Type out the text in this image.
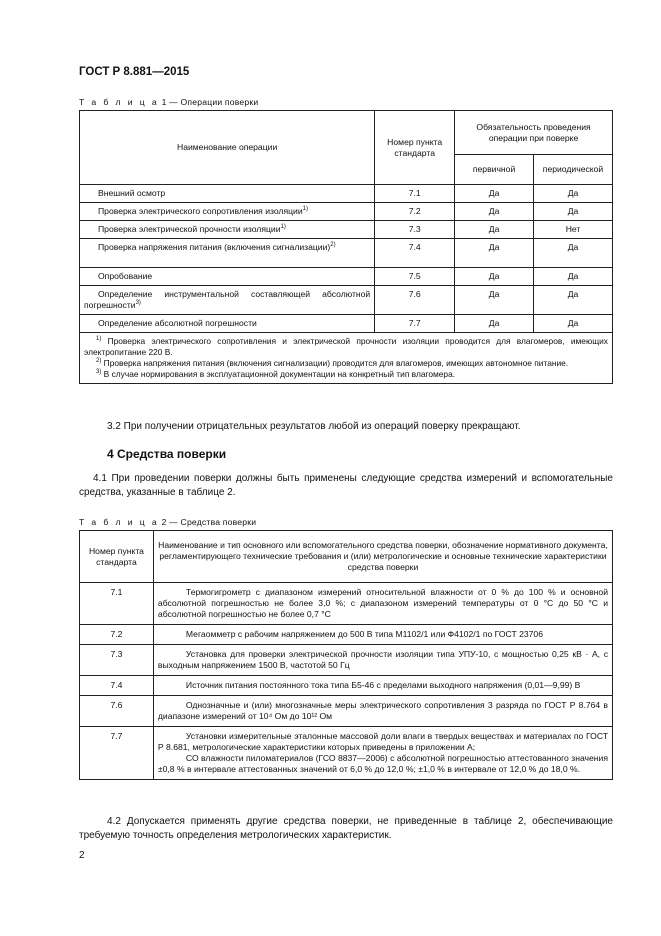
ГОСТ Р 8.881—2015
Т а б л и ц а 1 — Операции поверки
Наименование операции	Номер пункта стандарта	Обязательность проведения операции при поверке	
		первичной	периодической
Внешний осмотр	7.1	Да	Да
Проверка электрического сопротивления изоляции$^{1)}$	7.2	Да	Да
Проверка электрической прочности изоляции$^{1)}$	7.3	Да	Нет
Проверка напряжения питания (включения сигнализации)$^{2)}$	7.4	Да	Да
Опробование	7.5	Да	Да
Определение инструментальной составляющей абсолютной погрешности$^{3)}$	7.6	Да	Да
Определение абсолютной погрешности	7.7	Да	Да

$^{1)}$ Проверка электрического сопротивления и электрической прочности изоляции проводится для влагомеров, имеющих электропитание 220 В.
$^{2)}$ Проверка напряжения питания (включения сигнализации) проводится для влагомеров, имеющих автономное питание.
$^{3)}$ В случае нормирования в эксплуатационной документации на конкретный тип влагомера.			
3.2 При получении отрицательных результатов любой из операций поверку прекращают.
4 Средства поверки
4.1 При проведении поверки должны быть применены следующие средства измерений и вспомогательные средства, указанные в таблице 2.
Т а б л и ц а 2 — Средства поверки
Номер пункта стандарта	Наименование и тип основного или вспомогательного средства поверки, обозначение нормативного документа, регламентирующего технические требования и (или) метрологические и основные технические характеристики средства поверки
7.1	Термогигрометр с диапазоном измерений относительной влажности от 0 % до 100 % и основной абсолютной погрешностью не более 3,0 %; с диапазоном измерений температуры от 0 °С до 50 °С и абсолютной погрешностью не более 0,7 °С

7.2	Мегаомметр с рабочим напряжением до 500 В типа М1102/1 или Ф4102/1 по ГОСТ 23706

7.3	Установка для проверки электрической прочности изоляции типа УПУ-10, с мощностью 0,25 кВ · А, с выходным напряжением 1500 В, частотой 50 Гц

7.4	Источник питания постоянного тока типа Б5-46 с пределами выходного напряжения (0,01—9,99) В

7.6	Однозначные и (или) многозначные меры электрического сопротивления 3 разряда по ГОСТ Р 8.764 в диапазоне измерений от 10⁴ Ом до 10¹² Ом

7.7	Установки измерительные эталонные массовой доли влаги в твердых веществах и материалах по ГОСТ Р 8.681, метрологические характеристики которых приведены в приложении А;
СО влажности пиломатериалов (ГСО 8837—2006) с абсолютной погрешностью аттестованного значения ±0,8 % в интервале аттестованных значений от 6,0 % до 12,0 %; ±1,0 % в интервале от 12,0 % до 18,0 %.
4.2 Допускается применять другие средства поверки, не приведенные в таблице 2, обеспечивающие требуемую точность определения метрологических характеристик.
2
